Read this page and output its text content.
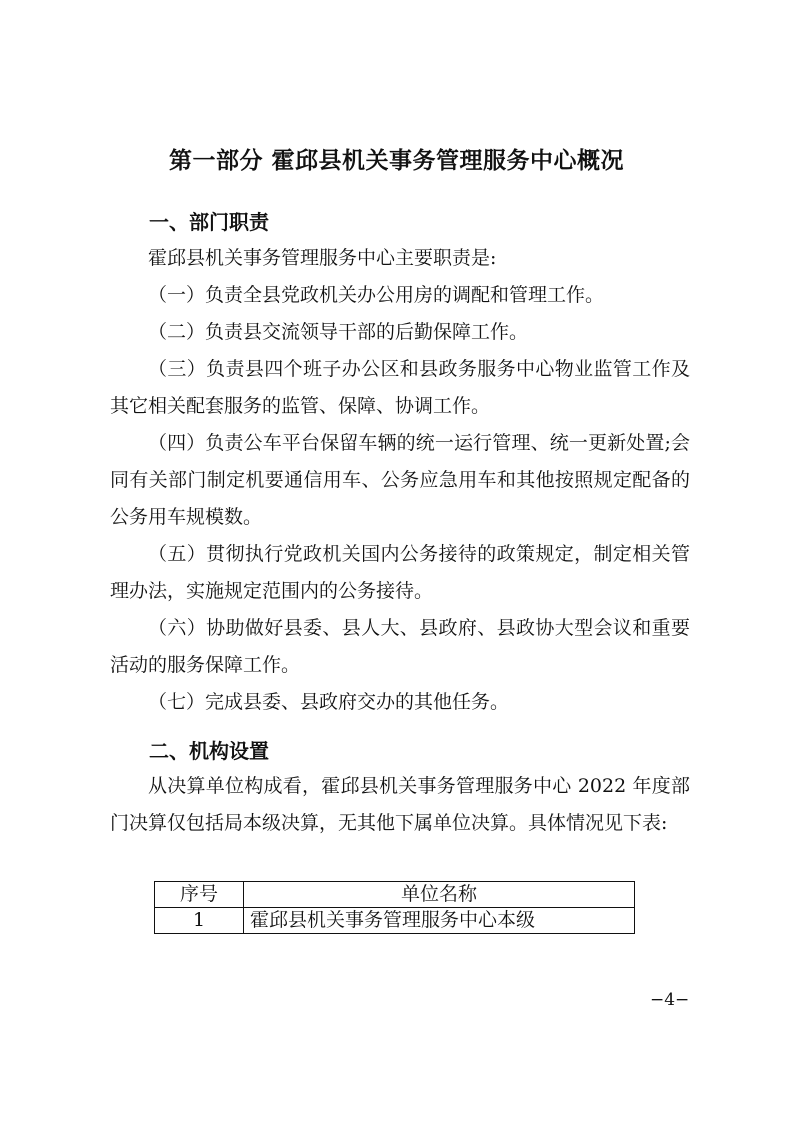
第一部分 霍邱县机关事务管理服务中心概况
一、部门职责

霍邱县机关事务管理服务中心主要职责是:

（一）负责全县党政机关办公用房的调配和管理工作。

（二）负责县交流领导干部的后勤保障工作。

（三）负责县四个班子办公区和县政务服务中心物业监管工作及其它相关配套服务的监管、保障、协调工作。

（四）负责公车平台保留车辆的统一运行管理、统一更新处置;会同有关部门制定机要通信用车、公务应急用车和其他按照规定配备的公务用车规模数。

（五）贯彻执行党政机关国内公务接待的政策规定，制定相关管理办法，实施规定范围内的公务接待。

（六）协助做好县委、县人大、县政府、县政协大型会议和重要活动的服务保障工作。

（七）完成县委、县政府交办的其他任务。

二、机构设置

从决算单位构成看，霍邱县机关事务管理服务中心 2022 年度部门决算仅包括局本级决算，无其他下属单位决算。具体情况见下表:

序号	单位名称
1	霍邱县机关事务管理服务中心本级
−4−
